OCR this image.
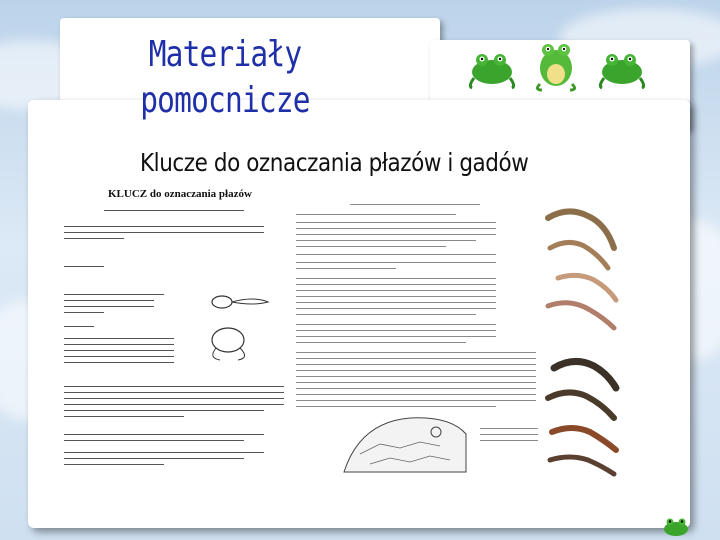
Materiały
pomocnicze
Klucze do oznaczania płazów i gadów
KLUCZ do oznaczania płazów
